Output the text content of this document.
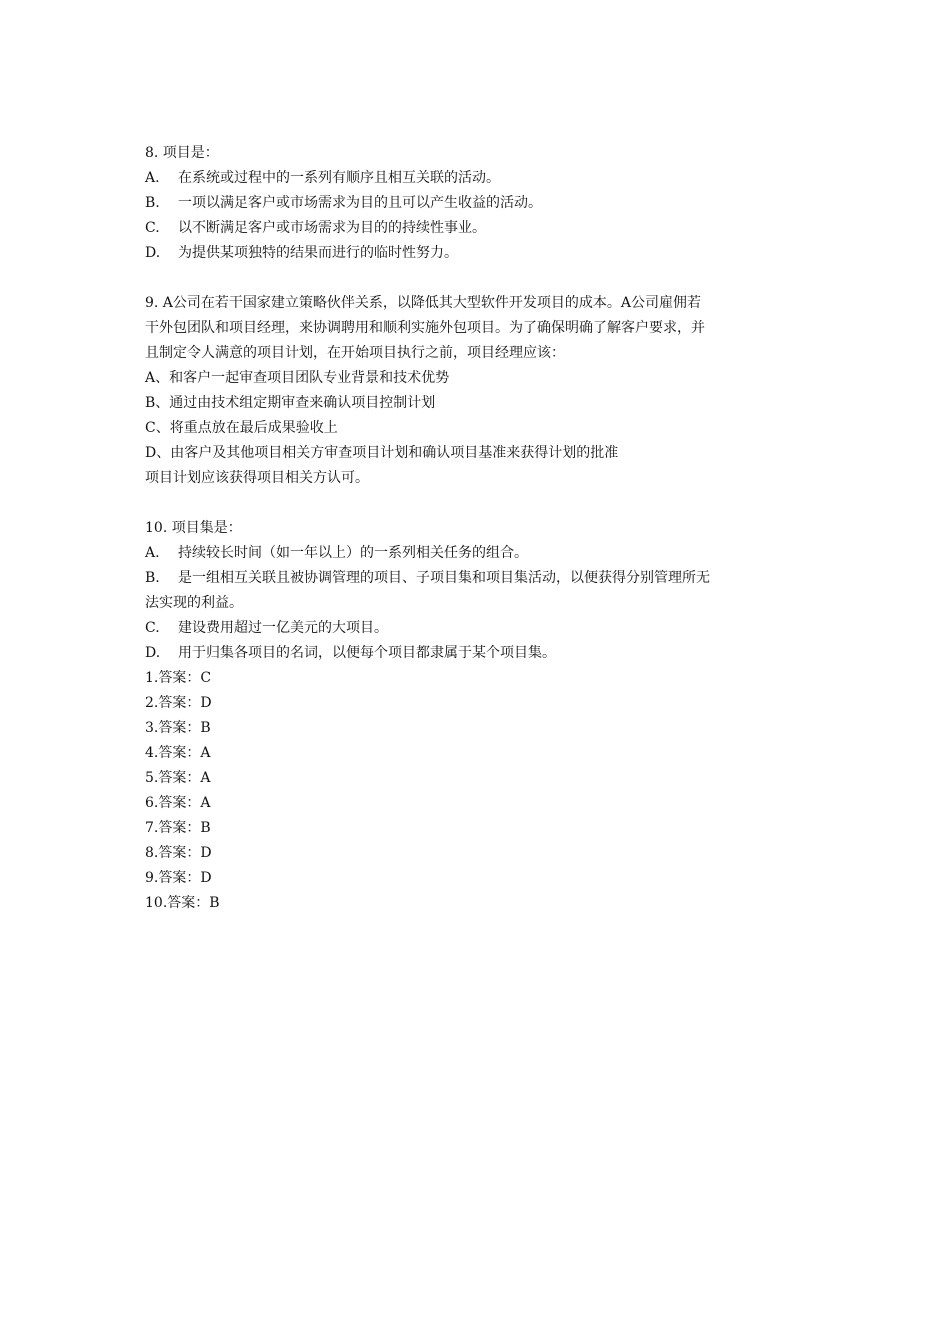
8. 项目是：
A. 在系统或过程中的一系列有顺序且相互关联的活动。
B. 一项以满足客户或市场需求为目的且可以产生收益的活动。
C. 以不断满足客户或市场需求为目的的持续性事业。
D. 为提供某项独特的结果而进行的临时性努力。
9. A公司在若干国家建立策略伙伴关系，以降低其大型软件开发项目的成本。A公司雇佣若
干外包团队和项目经理，来协调聘用和顺利实施外包项目。为了确保明确了解客户要求，并
且制定令人满意的项目计划，在开始项目执行之前，项目经理应该：
A、和客户一起审查项目团队专业背景和技术优势
B、通过由技术组定期审查来确认项目控制计划
C、将重点放在最后成果验收上
D、由客户及其他项目相关方审查项目计划和确认项目基准来获得计划的批准
项目计划应该获得项目相关方认可。
10. 项目集是：
A. 持续较长时间（如一年以上）的一系列相关任务的组合。
B. 是一组相互关联且被协调管理的项目、子项目集和项目集活动，以便获得分别管理所无
法实现的利益。
C. 建设费用超过一亿美元的大项目。
D. 用于归集各项目的名词，以便每个项目都隶属于某个项目集。
1.答案：C
2.答案：D
3.答案：B
4.答案：A
5.答案：A
6.答案：A
7.答案：B
8.答案：D
9.答案：D
10.答案：B
